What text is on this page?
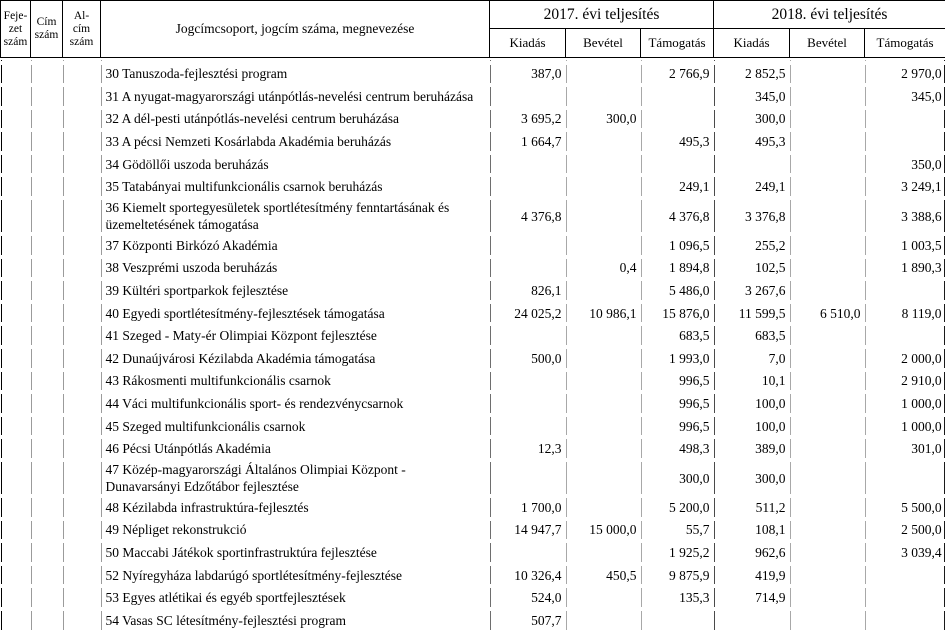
Feje-
zet
szám	Cím
szám	Al-
cím
szám	Jogcímcsoport, jogcím száma, megnevezése	2017. évi teljesítés			2018. évi teljesítés		
				Kiadás	Bevétel	Támogatás	Kiadás	Bevétel	Támogatás

			30 Tanuszoda-fejlesztési program	387,0		2 766,9	2 852,5		2 970,0
			31 A nyugat-magyarországi utánpótlás-nevelési centrum beruházása				345,0		345,0
			32 A dél-pesti utánpótlás-nevelési centrum beruházása	3 695,2	300,0		300,0		
			33 A pécsi Nemzeti Kosárlabda Akadémia beruházás	1 664,7		495,3	495,3		
			34 Gödöllői uszoda beruházás						350,0
			35 Tatabányai multifunkcionális csarnok beruházás			249,1	249,1		3 249,1
			36 Kiemelt sportegyesületek sportlétesítmény fenntartásának és üzemeltetésének támogatása	4 376,8		4 376,8	3 376,8		3 388,6
			37 Központi Birkózó Akadémia			1 096,5	255,2		1 003,5
			38 Veszprémi uszoda beruházás		0,4	1 894,8	102,5		1 890,3
			39 Kültéri sportparkok fejlesztése	826,1		5 486,0	3 267,6		
			40 Egyedi sportlétesítmény-fejlesztések támogatása	24 025,2	10 986,1	15 876,0	11 599,5	6 510,0	8 119,0
			41 Szeged - Maty-ér Olimpiai Központ fejlesztése			683,5	683,5		
			42 Dunaújvárosi Kézilabda Akadémia támogatása	500,0		1 993,0	7,0		2 000,0
			43 Rákosmenti multifunkcionális csarnok			996,5	10,1		2 910,0
			44 Váci multifunkcionális sport- és rendezvénycsarnok			996,5	100,0		1 000,0
			45 Szeged multifunkcionális csarnok			996,5	100,0		1 000,0
			46 Pécsi Utánpótlás Akadémia	12,3		498,3	389,0		301,0
			47 Közép-magyarországi Általános Olimpiai Központ - Dunavarsányi Edzőtábor fejlesztése			300,0	300,0		
			48 Kézilabda infrastruktúra-fejlesztés	1 700,0		5 200,0	511,2		5 500,0
			49 Népliget rekonstrukció	14 947,7	15 000,0	55,7	108,1		2 500,0
			50 Maccabi Játékok sportinfrastruktúra fejlesztése			1 925,2	962,6		3 039,4
			52 Nyíregyháza labdarúgó sportlétesítmény-fejlesztése	10 326,4	450,5	9 875,9	419,9		
			53 Egyes atlétikai és egyéb sportfejlesztések	524,0		135,3	714,9		
			54 Vasas SC létesítmény-fejlesztési program	507,7					
